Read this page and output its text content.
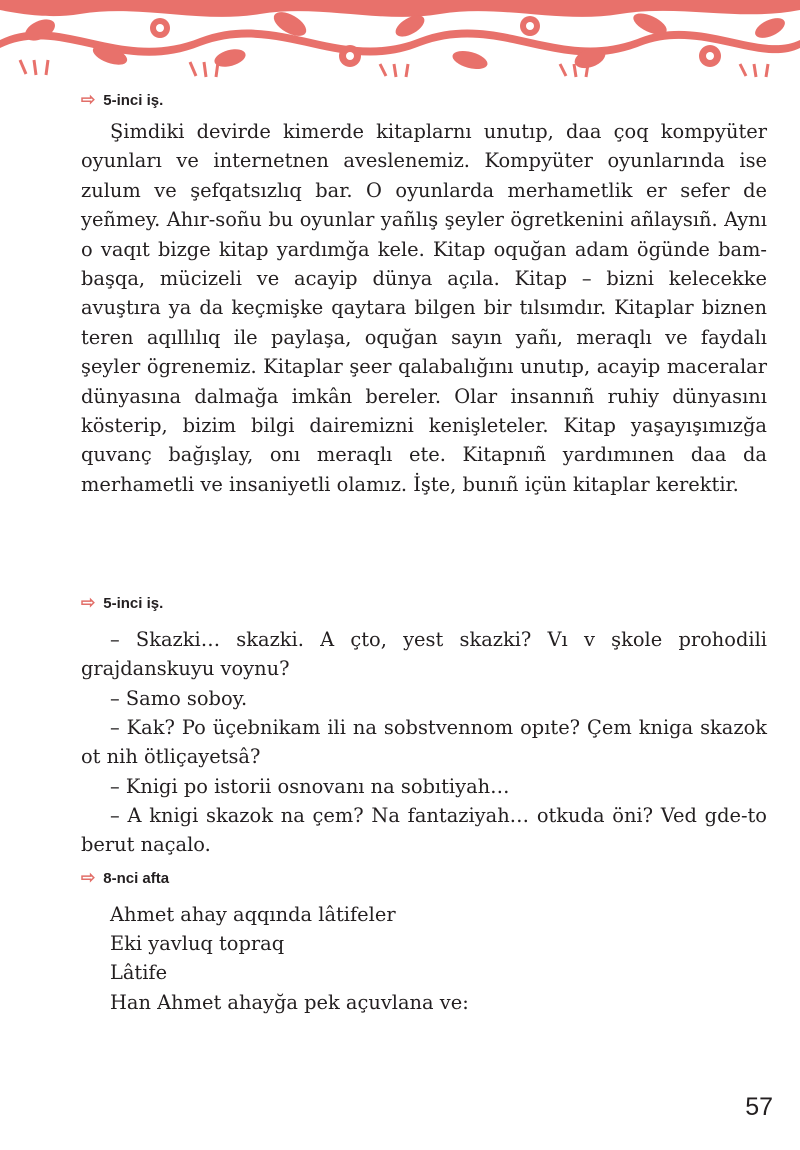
⇨ 5-inci iş.

Şimdiki devirde kimerde kitaplarnı unutıp, daa çoq kompyüter oyunları ve internetnen aveslenemiz. Kompyüter oyunlarında ise zulum ve şefqatsızlıq bar. O oyunlarda merhametlik er sefer de yeñmey. Ahır-soñu bu oyunlar yañlış şeyler ögretkenini añlaysıñ. Aynı o vaqıt bizge kitap yardımğa kele. Kitap oquğan adam ögünde bam-başqa, mücizeli ve acayip dünya açıla. Kitap – bizni kelecekke avuştıra ya da keçmişke qaytara bilgen bir tılsımdır. Kitaplar biznen teren aqıllılıq ile paylaşa, oquğan sayın yañı, meraqlı ve faydalı şeyler ögrenemiz. Kitaplar şeer qalabalığını unutıp, acayip maceralar dünyasına dalmağa imkân bereler. Olar insannıñ ruhiy dünyasını kösterip, bizim bilgi dairemizni kenişleteler. Kitap yaşayışımızğa quvanç bağışlay, onı meraqlı ete. Kitapnıñ yardımınen daa da merhametli ve insaniyetli olamız. İşte, bunıñ içün kitaplar kerektir.

⇨ 5-inci iş.

– Skazki… skazki. A çto, yest skazki? Vı v şkole prohodili grajdanskuyu voynu?

– Samo soboy.

– Kak? Po üçebnikam ili na sobstvennom opıte? Çem kniga skazok ot nih ötliçayetsâ?

– Knigi po istorii osnovanı na sobıtiyah…

– A knigi skazok na çem? Na fantaziyah… otkuda öni? Ved gde-to berut naçalo.

⇨ 8-nci afta
Ahmet ahay aqqında lâtifeler
Eki yavluq topraq
Lâtife
Han Ahmet ahayğa pek açuvlana ve:
57
